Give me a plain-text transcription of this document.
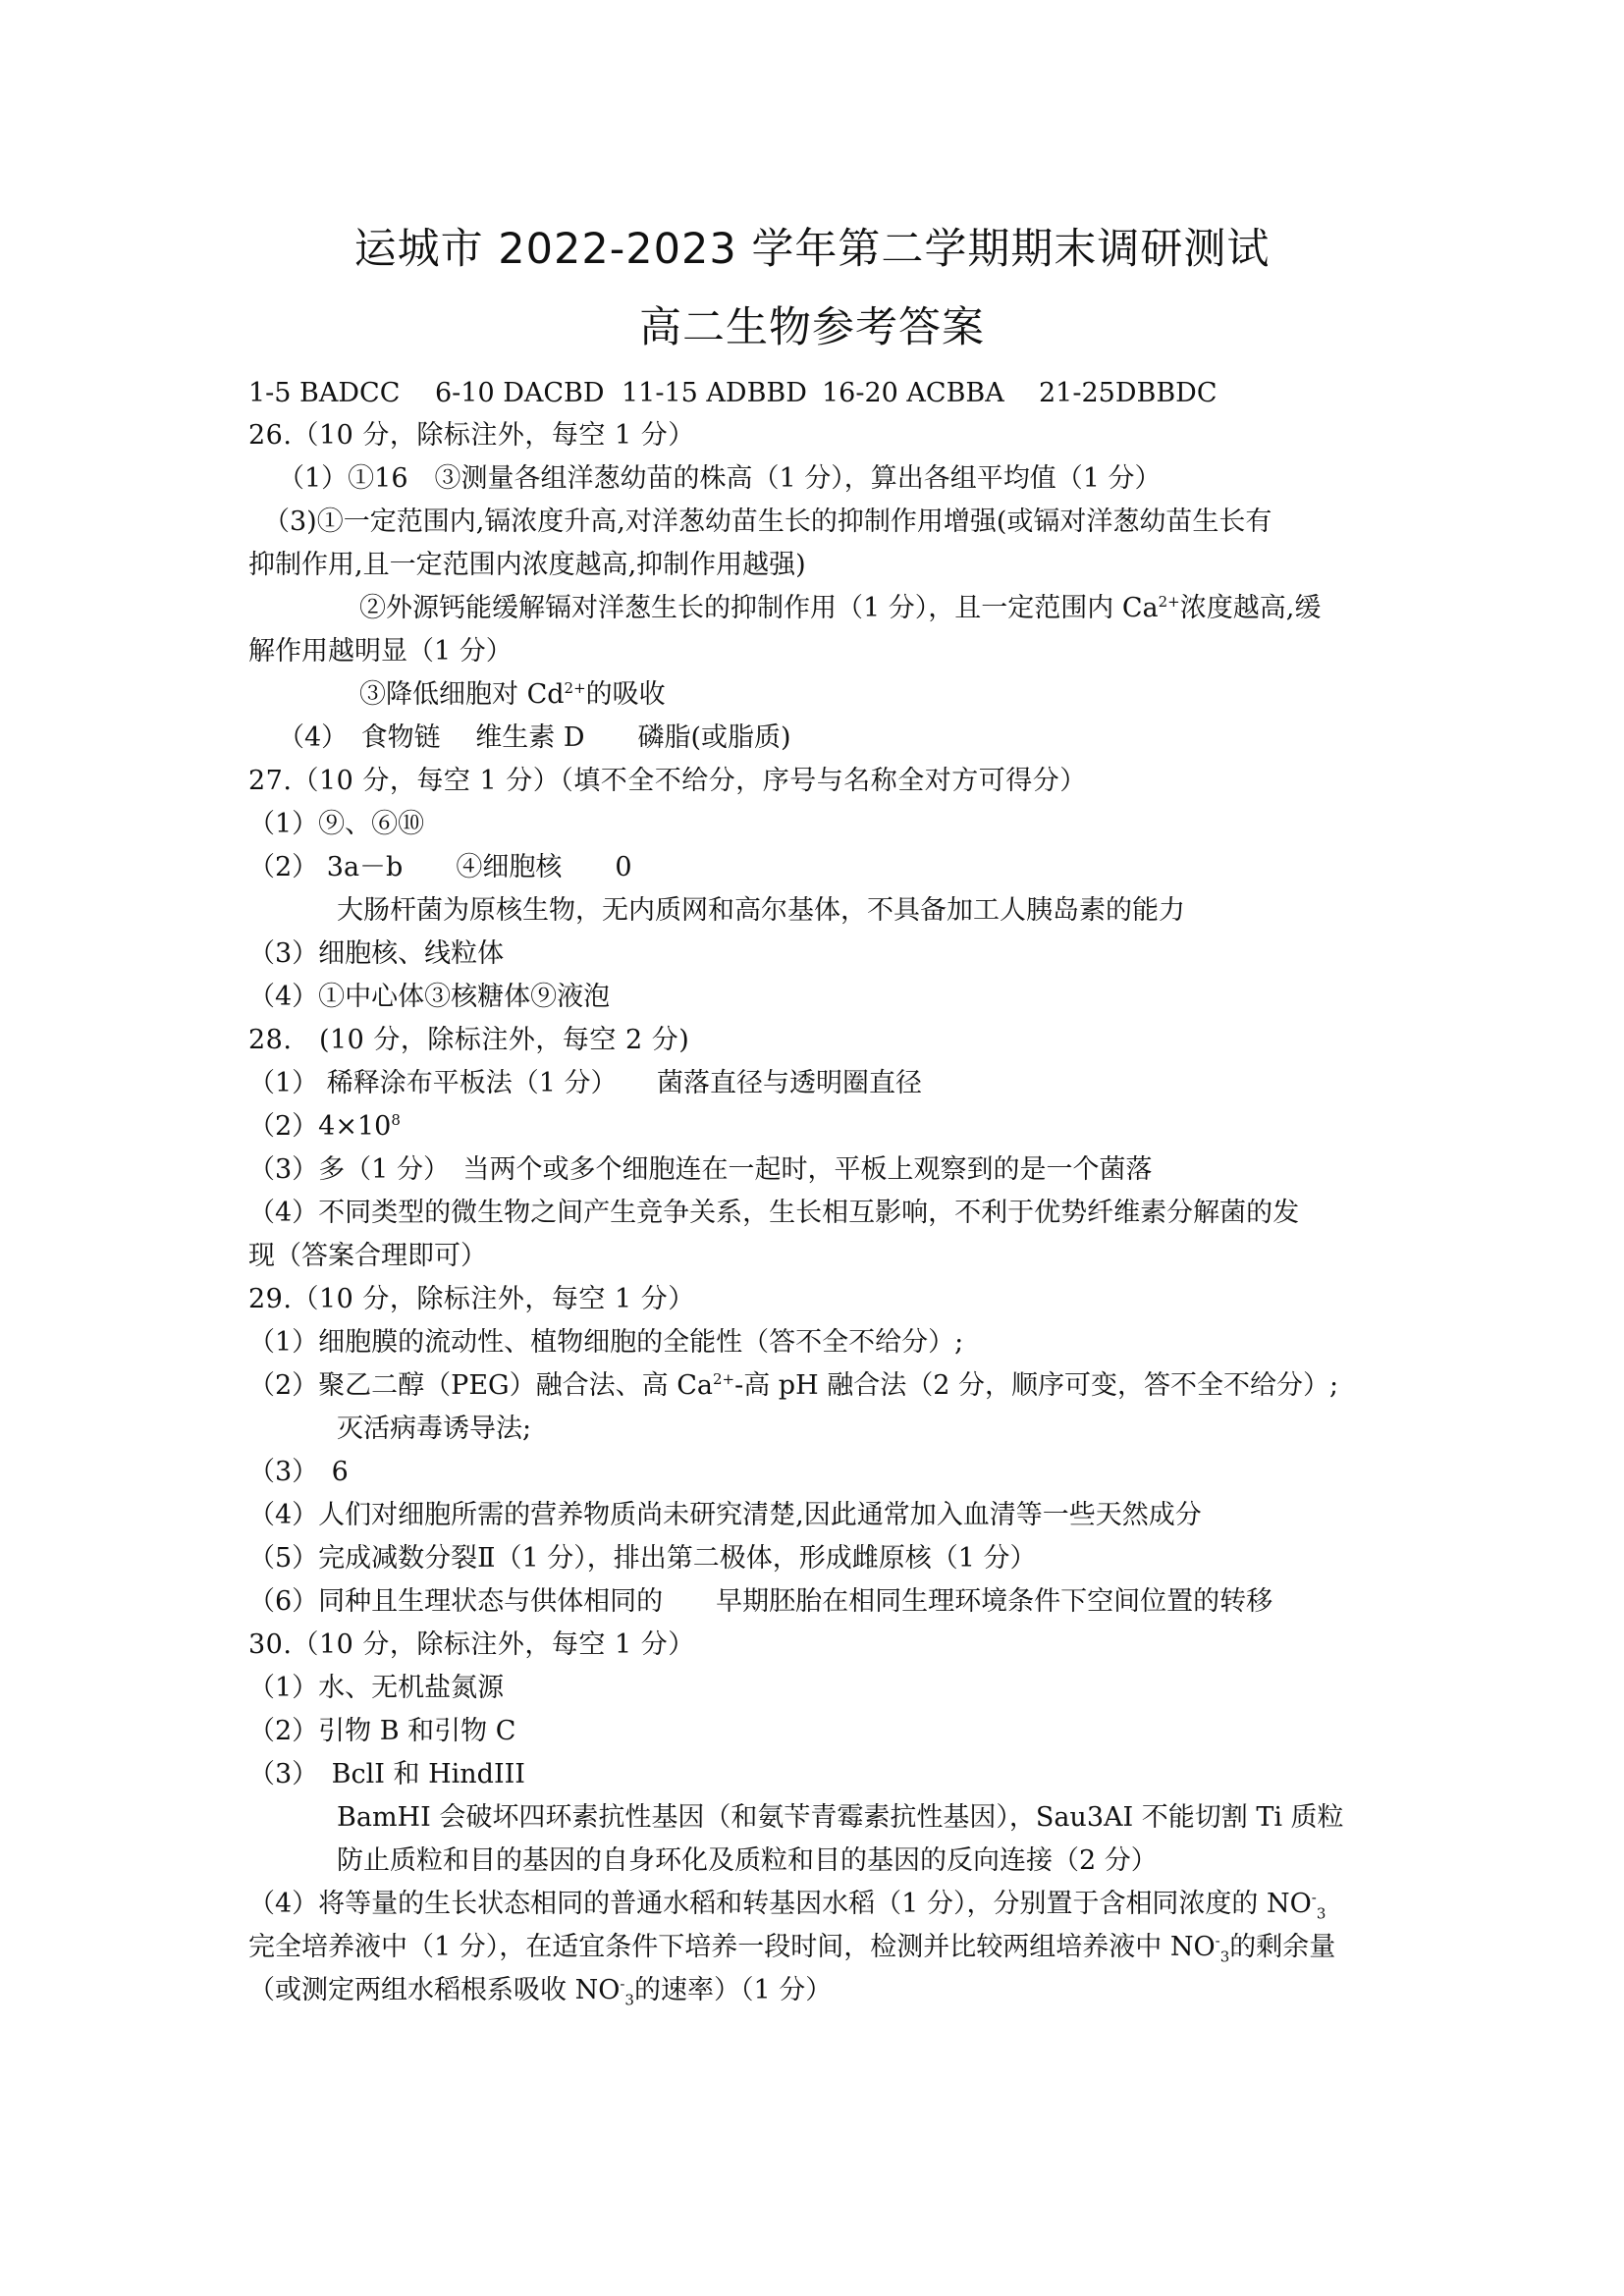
运城市 2022-2023 学年第二学期期末调研测试
高二生物参考答案
1-5 BADCC 6-10 DACBD 11-15 ADBBD 16-20 ACBBA 21-25DBBDC
26.（10 分，除标注外，每空 1 分）
（1）①16　③测量各组洋葱幼苗的株高（1 分），算出各组平均值（1 分）
（3)①一定范围内,镉浓度升高,对洋葱幼苗生长的抑制作用增强(或镉对洋葱幼苗生长有
抑制作用,且一定范围内浓度越高,抑制作用越强)
②外源钙能缓解镉对洋葱生长的抑制作用（1 分），且一定范围内 $Ca^{2+}$浓度越高,缓
解作用越明显（1 分）
③降低细胞对 $Cd^{2+}$的吸收
（4）　食物链　 维生素 D　　磷脂(或脂质)
27.（10 分，每空 1 分）（填不全不给分，序号与名称全对方可得分）
（1）⑨、⑥⑩
（2） 3a－b　　④细胞核　　0
大肠杆菌为原核生物，无内质网和高尔基体，不具备加工人胰岛素的能力
（3）细胞核、线粒体
（4）①中心体③核糖体⑨液泡
28.　(10 分，除标注外，每空 2 分)
（1） 稀释涂布平板法（1 分）　　菌落直径与透明圈直径
$(2)4\times 10^8$
（3）多（1 分）　当两个或多个细胞连在一起时，平板上观察到的是一个菌落
（4）不同类型的微生物之间产生竞争关系，生长相互影响，不利于优势纤维素分解菌的发
现（答案合理即可）
29.（10 分，除标注外，每空 1 分）
（1）细胞膜的流动性、植物细胞的全能性（答不全不给分）;
（2）聚乙二醇（PEG）融合法、高 $Ca^{2+}-$高 pH 融合法（2 分，顺序可变，答不全不给分）;
灭活病毒诱导法;
（3）　6
（4）人们对细胞所需的营养物质尚未研究清楚,因此通常加入血清等一些天然成分
（5）完成减数分裂Ⅱ（1 分），排出第二极体，形成雌原核（1 分）
（6）同种且生理状态与供体相同的　　早期胚胎在相同生理环境条件下空间位置的转移
30.（10 分，除标注外，每空 1 分）
（1）水、无机盐氮源
（2）引物 B 和引物 C
（3）　BclI 和 HindIII
BamHI 会破坏四环素抗性基因（和氨苄青霉素抗性基因），Sau3AI 不能切割 Ti 质粒
防止质粒和目的基因的自身环化及质粒和目的基因的反向连接（2 分）
（4）将等量的生长状态相同的普通水稻和转基因水稻（1 分），分别置于含相同浓度的 $NO^-_3$
完全培养液中（1 分），在适宜条件下培养一段时间，检测并比较两组培养液中 $NO^-_3$的剩余量
（或测定两组水稻根系吸收 $NO^-_3$的速率）（1 分）
